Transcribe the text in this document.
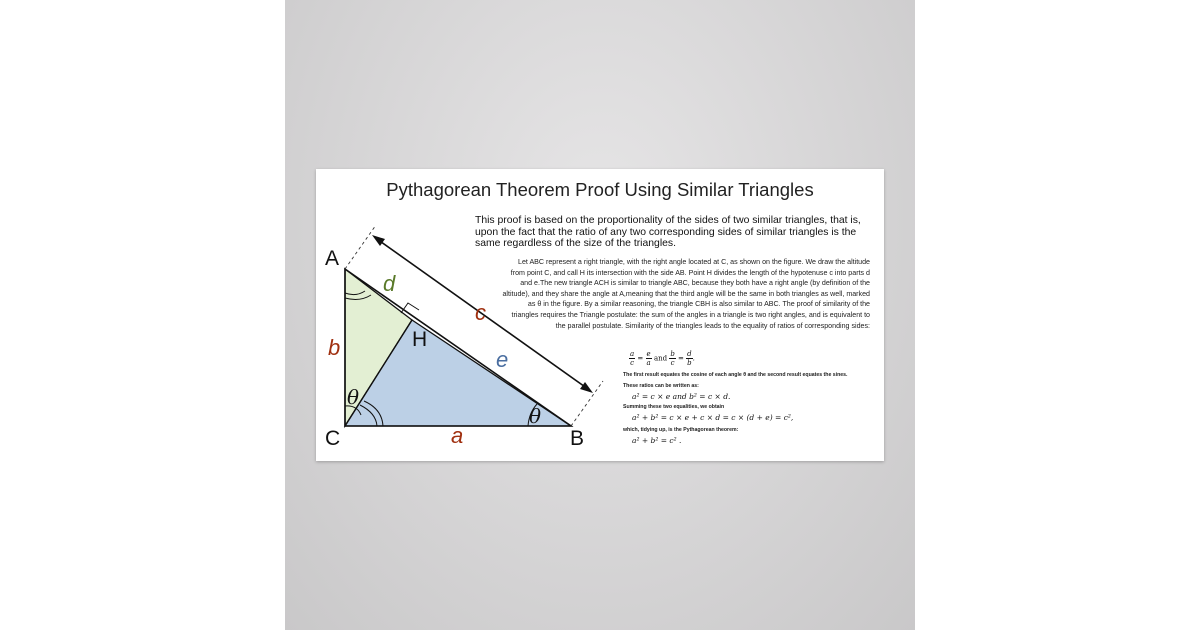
Pythagorean Theorem Proof Using Similar Triangles
This proof is based on the proportionality of the sides of two similar triangles, that is, upon the fact that the ratio of any two corresponding sides of similar triangles is the same regardless of the size of the triangles.
Let ABC represent a right triangle, with the right angle located at C, as shown on the figure. We draw the altitude from point C, and call H its intersection with the side AB. Point H divides the length of the hypotenuse c into parts d and e.The new triangle ACH is similar to triangle ABC, because they both have a right angle (by definition of the altitude), and they share the angle at A,meaning that the third angle will be the same in both triangles as well, marked as θ in the figure. By a similar reasoning, the triangle CBH is also similar to ABC. The proof of similarity of the triangles requires the Triangle postulate: the sum of the angles in a triangle is two right angles, and is equivalent to the parallel postulate. Similarity of the triangles leads to the equality of ratios of corresponding sides:
$\frac{a}{c} = \frac{e}{a}$ and $\frac{b}{c} = \frac{d}{b}$ .
The first result equates the cosine of each angle θ and the second result equates the sines.
These ratios can be written as:
a² = c × e and b² = c × d.
Summing these two equalities, we obtain
a² + b² = c × e + c × d = c × (d + e) = c²,
which, tidying up, is the Pythagorean theorem:
a² + b² = c² .
A
B
C
H
a
b
c
d
e
θ
θ
